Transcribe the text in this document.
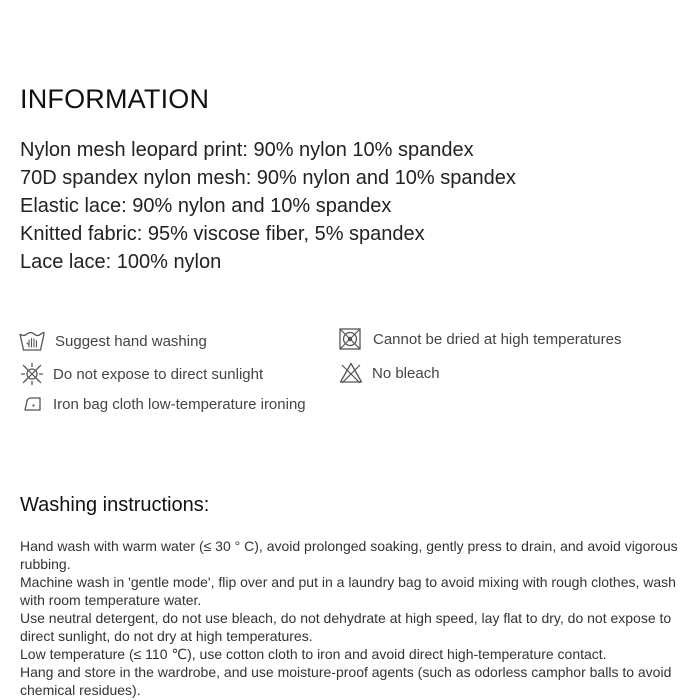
INFORMATION
Nylon mesh leopard print: 90% nylon 10% spandex
70D spandex nylon mesh: 90% nylon and 10% spandex
Elastic lace: 90% nylon and 10% spandex
Knitted fabric: 95% viscose fiber, 5% spandex
Lace lace: 100% nylon
Suggest hand washing
Do not expose to direct sunlight
Iron bag cloth low-temperature ironing
Cannot be dried at high temperatures
No bleach
Washing instructions:
Hand wash with warm water (≤ 30 ° C), avoid prolonged soaking, gently press to drain, and avoid vigorous rubbing.
Machine wash in 'gentle mode', flip over and put in a laundry bag to avoid mixing with rough clothes, wash with room temperature water.
Use neutral detergent, do not use bleach, do not dehydrate at high speed, lay flat to dry, do not expose to direct sunlight, do not dry at high temperatures.
Low temperature (≤ 110 ℃), use cotton cloth to iron and avoid direct high-temperature contact.
Hang and store in the wardrobe, and use moisture-proof agents (such as odorless camphor balls to avoid chemical residues).
